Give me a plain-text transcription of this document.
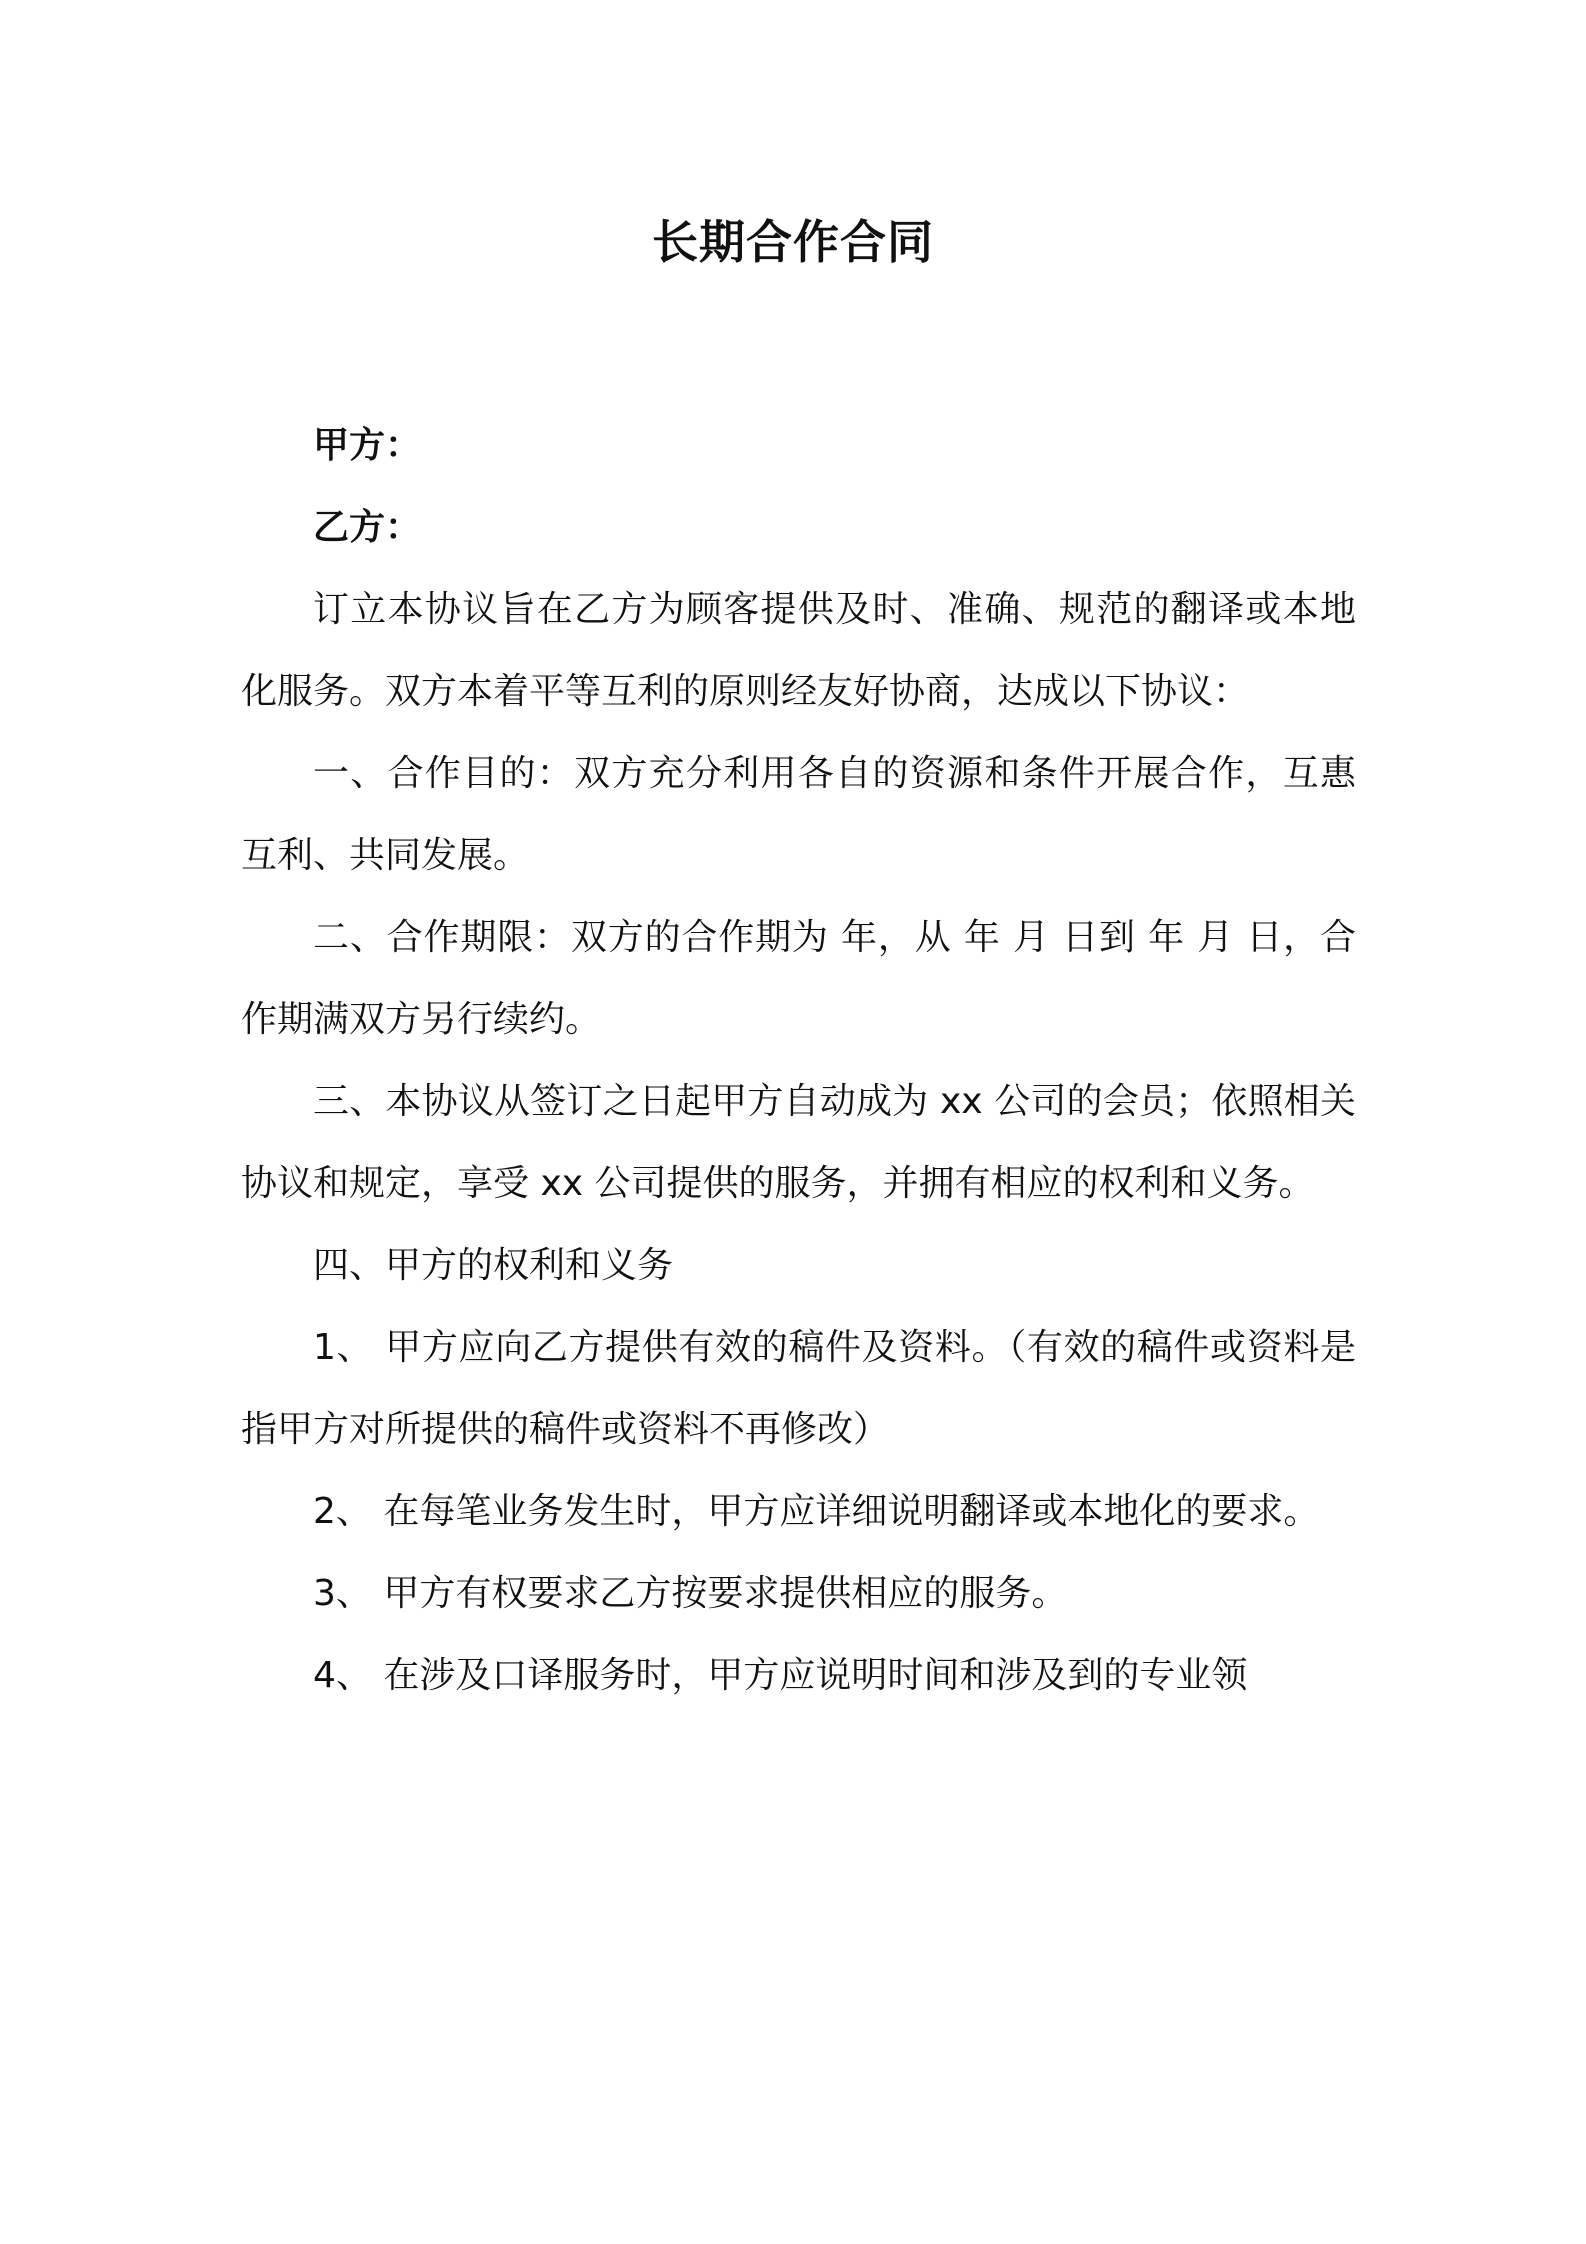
长期合作合同

甲方：

乙方：

订立本协议旨在乙方为顾客提供及时、准确、规范的翻译或本地化服务。双方本着平等互利的原则经友好协商，达成以下协议：

一、合作目的：双方充分利用各自的资源和条件开展合作，互惠互利、共同发展。

二、合作期限：双方的合作期为 年，从 年 月 日到 年 月 日，合作期满双方另行续约。

三、本协议从签订之日起甲方自动成为 xx 公司的会员；依照相关协议和规定，享受 xx 公司提供的服务，并拥有相应的权利和义务。

四、甲方的权利和义务

1、 甲方应向乙方提供有效的稿件及资料。（有效的稿件或资料是指甲方对所提供的稿件或资料不再修改）

2、 在每笔业务发生时，甲方应详细说明翻译或本地化的要求。

3、 甲方有权要求乙方按要求提供相应的服务。

4、 在涉及口译服务时，甲方应说明时间和涉及到的专业领
